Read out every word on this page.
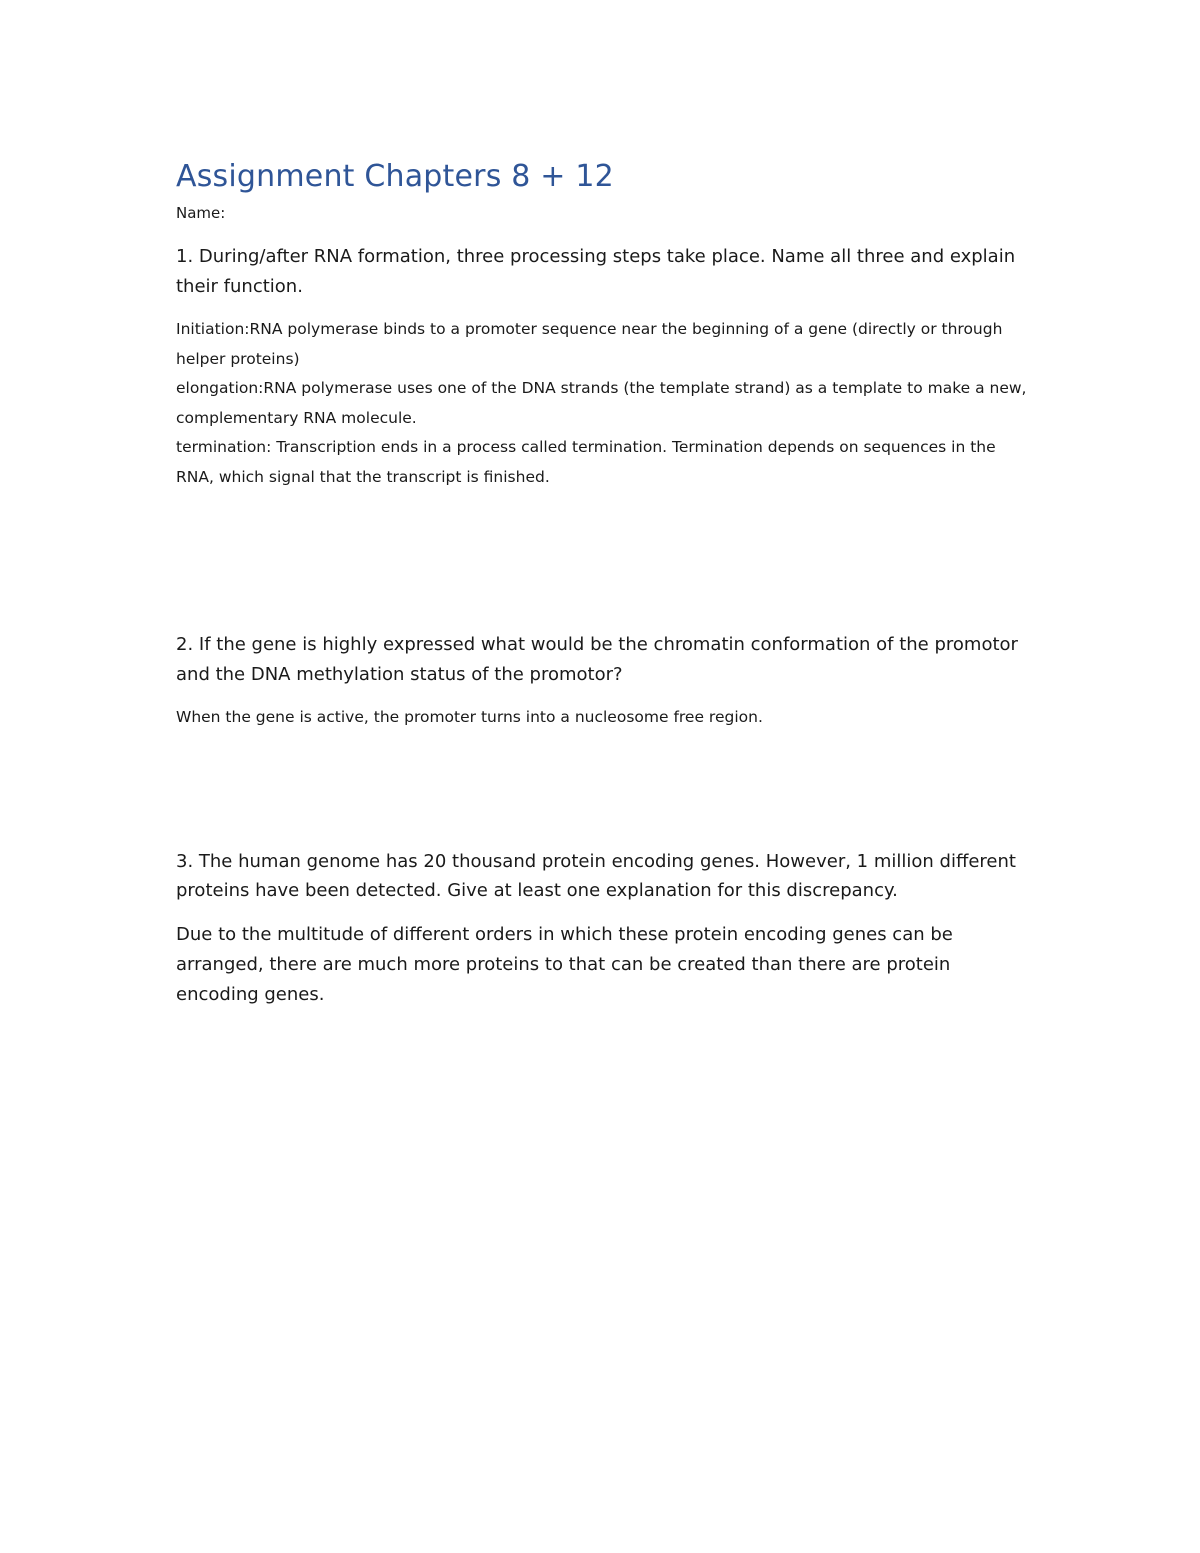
Assignment Chapters 8 + 12

Name:

1. During/after RNA formation, three processing steps take place. Name all three and explain their function.

Initiation:RNA polymerase binds to a promoter sequence near the beginning of a gene (directly or through helper proteins)
elongation:RNA polymerase uses one of the DNA strands (the template strand) as a template to make a new, complementary RNA molecule.
termination: Transcription ends in a process called termination. Termination depends on sequences in the RNA, which signal that the transcript is finished.

2. If the gene is highly expressed what would be the chromatin conformation of the promotor and the DNA methylation status of the promotor?

When the gene is active, the promoter turns into a nucleosome free region.

3. The human genome has 20 thousand protein encoding genes. However, 1 million different proteins have been detected. Give at least one explanation for this discrepancy.

Due to the multitude of different orders in which these protein encoding genes can be arranged, there are much more proteins to that can be created than there are protein encoding genes.
